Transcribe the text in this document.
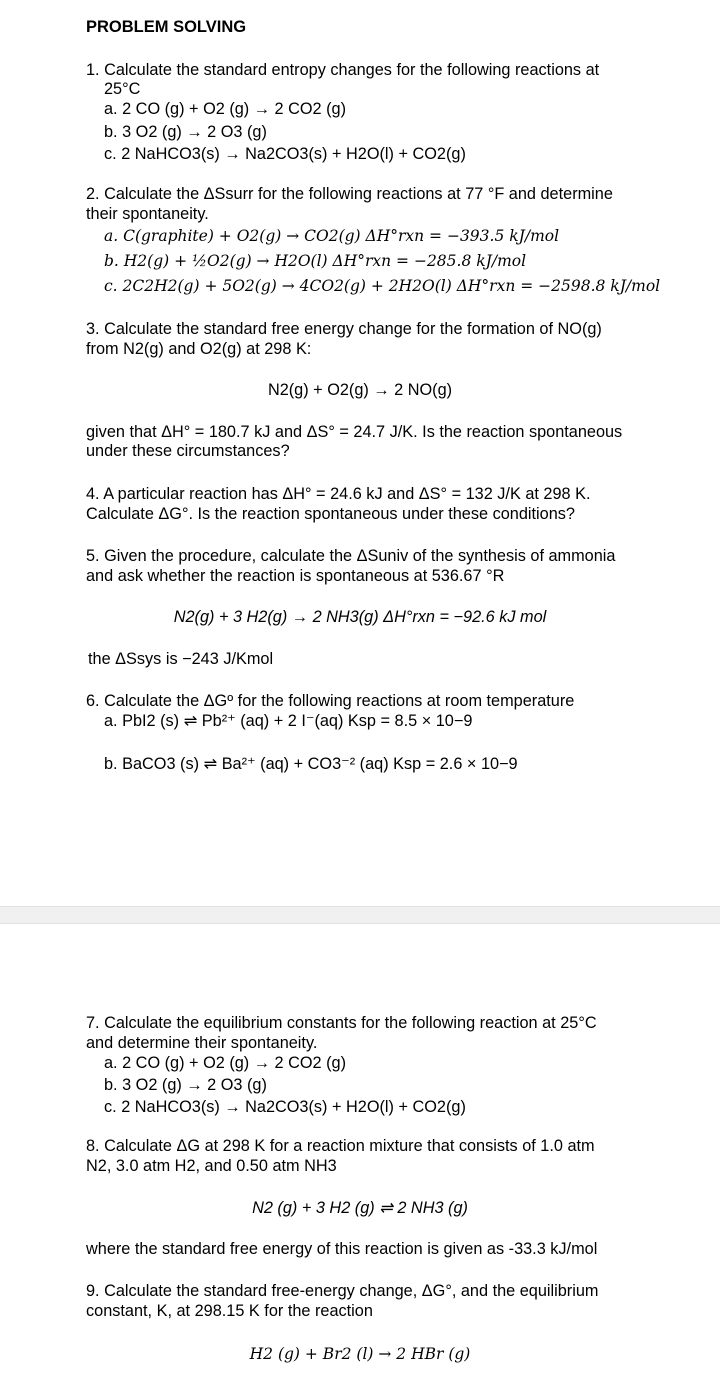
PROBLEM SOLVING
1. Calculate the standard entropy changes for the following reactions at
25°C
a. 2 CO (g) + O2 (g) → 2 CO2 (g)
b. 3 O2 (g) → 2 O3 (g)
c. 2 NaHCO3(s) → Na2CO3(s) + H2O(l) + CO2(g)
2. Calculate the ΔSsurr for the following reactions at 77 °F and determine
their spontaneity.
a. C(graphite) + O2(g) → CO2(g) ΔH°rxn = −393.5 kJ/mol
b. H2(g) + ½O2(g) → H2O(l) ΔH°rxn = −285.8 kJ/mol
c. 2C2H2(g) + 5O2(g) → 4CO2(g) + 2H2O(l) ΔH°rxn = −2598.8 kJ/mol
3. Calculate the standard free energy change for the formation of NO(g)
from N2(g) and O2(g) at 298 K:
N2(g) + O2(g) → 2 NO(g)
given that ΔH° = 180.7 kJ and ΔS° = 24.7 J/K. Is the reaction spontaneous
under these circumstances?
4. A particular reaction has ΔH° = 24.6 kJ and ΔS° = 132 J/K at 298 K.
Calculate ΔG°. Is the reaction spontaneous under these conditions?
5. Given the procedure, calculate the ΔSuniv of the synthesis of ammonia
and ask whether the reaction is spontaneous at 536.67 °R
N2(g) + 3 H2(g) → 2 NH3(g) ΔH°rxn = −92.6 kJ mol
the ΔSsys is −243 J/Kmol
6. Calculate the ΔGº for the following reactions at room temperature
a. PbI2 (s) ⇌ Pb²⁺ (aq) + 2 I⁻(aq) Ksp = 8.5 × 10−9
b. BaCO3 (s) ⇌ Ba²⁺ (aq) + CO3⁻² (aq) Ksp = 2.6 × 10−9
7. Calculate the equilibrium constants for the following reaction at 25°C
and determine their spontaneity.
a. 2 CO (g) + O2 (g) → 2 CO2 (g)
b. 3 O2 (g) → 2 O3 (g)
c. 2 NaHCO3(s) → Na2CO3(s) + H2O(l) + CO2(g)
8. Calculate ΔG at 298 K for a reaction mixture that consists of 1.0 atm
N2, 3.0 atm H2, and 0.50 atm NH3
N2 (g) + 3 H2 (g) ⇌ 2 NH3 (g)
where the standard free energy of this reaction is given as -33.3 kJ/mol
9. Calculate the standard free-energy change, ΔG°, and the equilibrium
constant, K, at 298.15 K for the reaction
H2 (g) + Br2 (l) → 2 HBr (g)
